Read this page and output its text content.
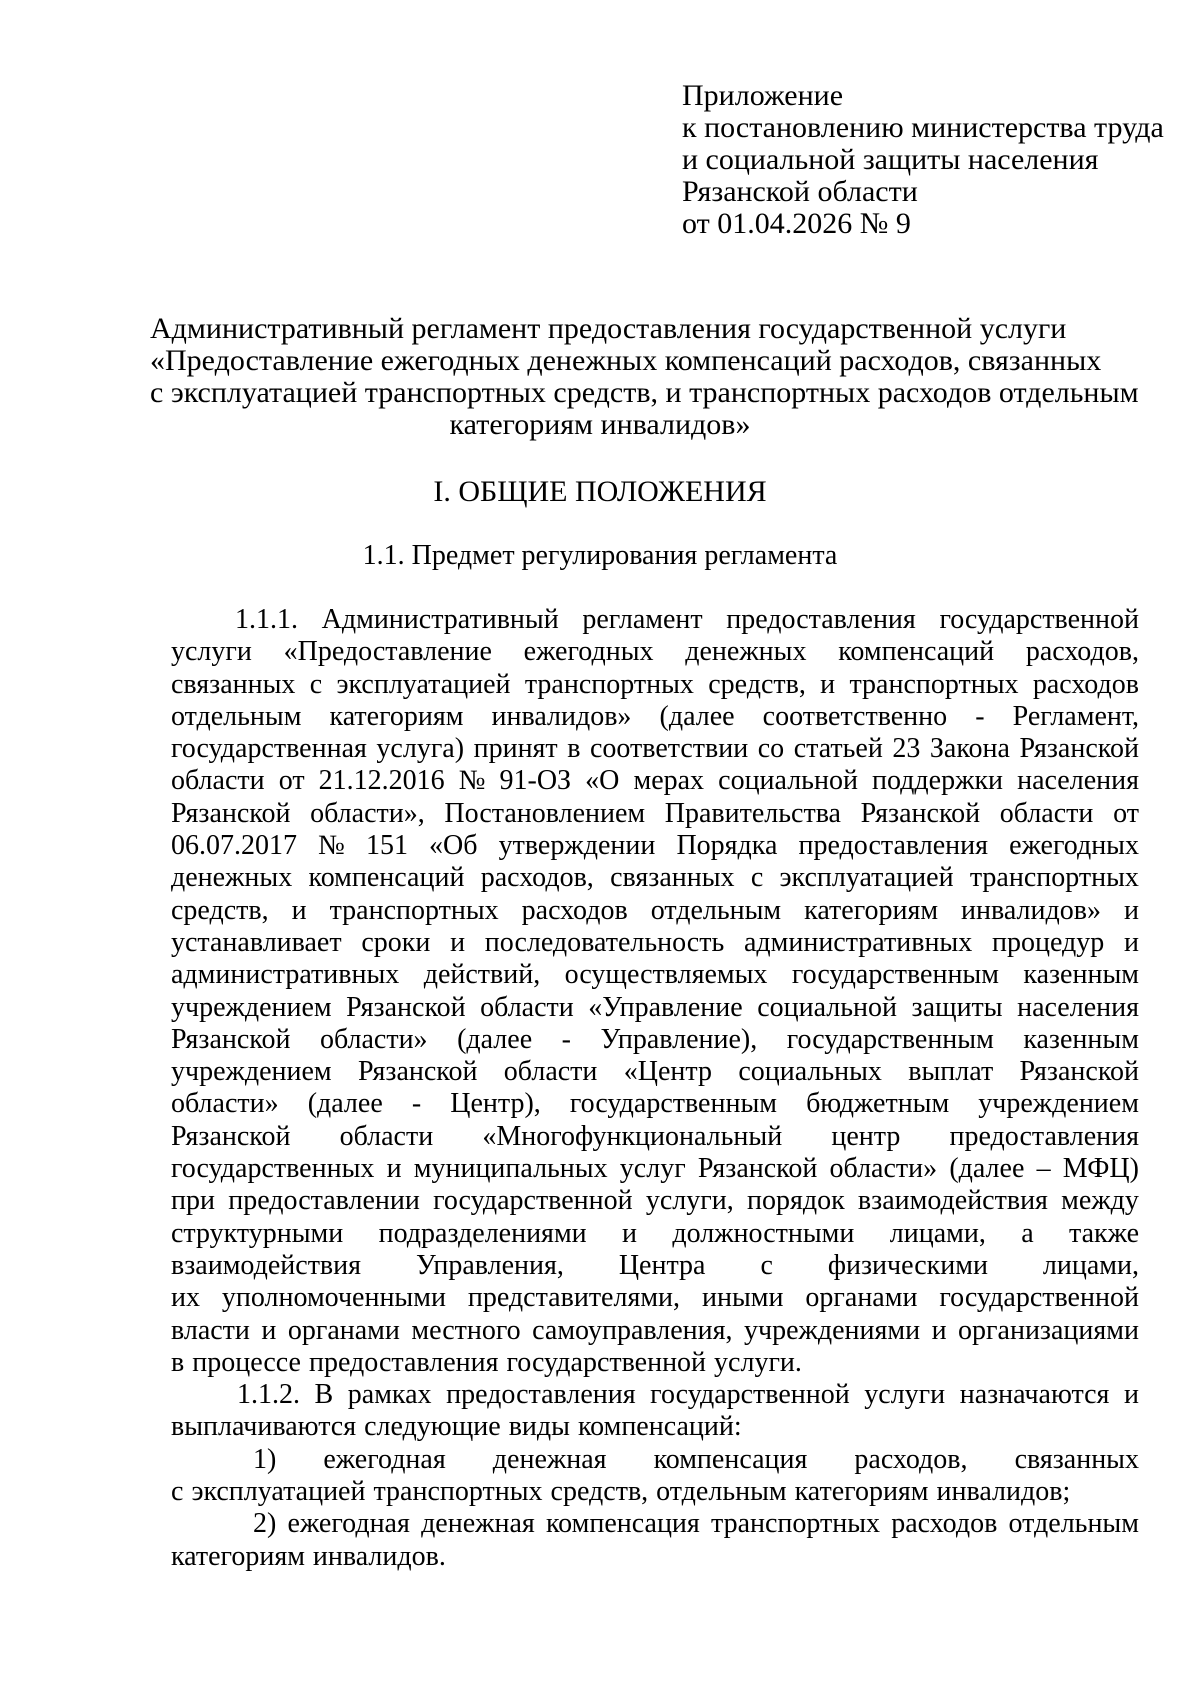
Приложение
к постановлению министерства труда
и социальной защиты населения
Рязанской области
от 01.04.2026 № 9
Административный регламент предоставления государственной услуги
«Предоставление ежегодных денежных компенсаций расходов, связанных
с эксплуатацией транспортных средств, и транспортных расходов отдельным
категориям инвалидов»
I. ОБЩИЕ ПОЛОЖЕНИЯ
1.1. Предмет регулирования регламента
1.1.1. Административный регламент предоставления государственной
услуги «Предоставление ежегодных денежных компенсаций расходов,
связанных с эксплуатацией транспортных средств, и транспортных расходов
отдельным категориям инвалидов» (далее соответственно - Регламент,
государственная услуга) принят в соответствии со статьей 23 Закона Рязанской
области от 21.12.2016 № 91-ОЗ «О мерах социальной поддержки населения
Рязанской области», Постановлением Правительства Рязанской области от
06.07.2017 № 151 «Об утверждении Порядка предоставления ежегодных
денежных компенсаций расходов, связанных с эксплуатацией транспортных
средств, и транспортных расходов отдельным категориям инвалидов» и
устанавливает сроки и последовательность административных процедур и
административных действий, осуществляемых государственным казенным
учреждением Рязанской области «Управление социальной защиты населения
Рязанской области» (далее - Управление), государственным казенным
учреждением Рязанской области «Центр социальных выплат Рязанской
области» (далее - Центр), государственным бюджетным учреждением
Рязанской области «Многофункциональный центр предоставления
государственных и муниципальных услуг Рязанской области» (далее – МФЦ)
при предоставлении государственной услуги, порядок взаимодействия между
структурными подразделениями и должностными лицами, а также
взаимодействия Управления, Центра с физическими лицами,
их уполномоченными представителями, иными органами государственной
власти и органами местного самоуправления, учреждениями и организациями
в процессе предоставления государственной услуги.
1.1.2. В рамках предоставления государственной услуги назначаются и
выплачиваются следующие виды компенсаций:
1) ежегодная денежная компенсация расходов, связанных
с эксплуатацией транспортных средств, отдельным категориям инвалидов;
2) ежегодная денежная компенсация транспортных расходов отдельным
категориям инвалидов.
